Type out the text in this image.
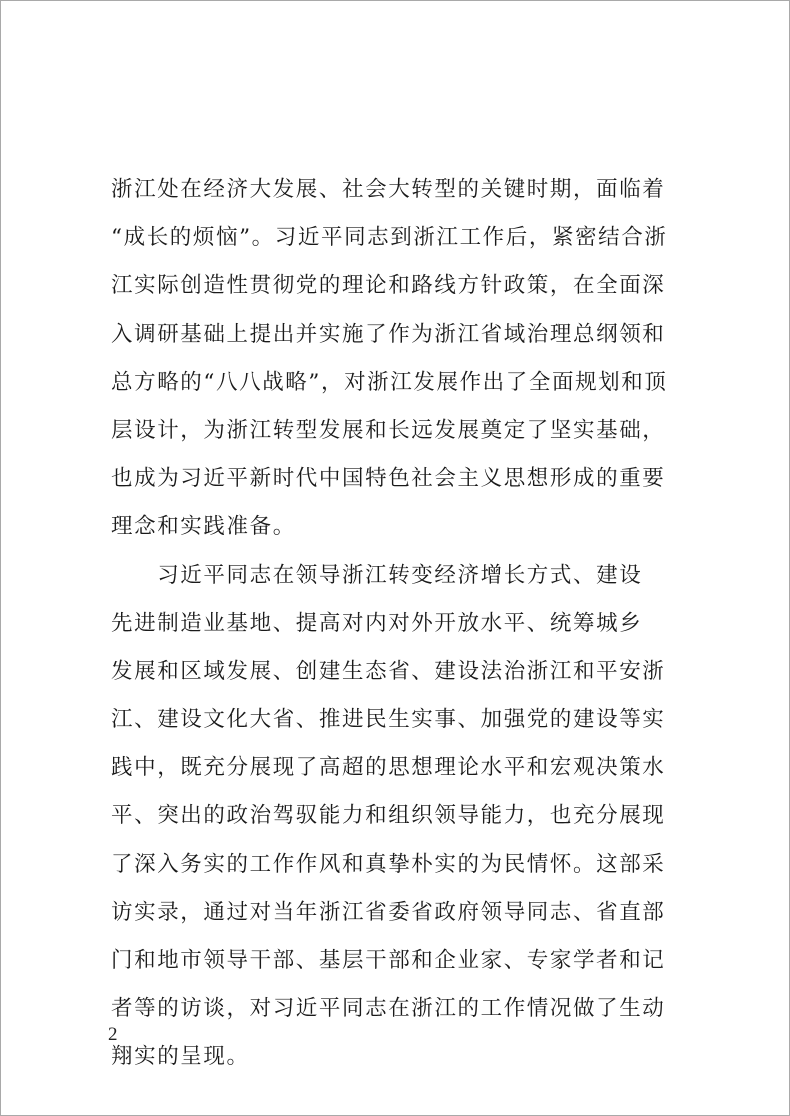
浙江处在经济大发展、社会大转型的关键时期，面临着
“成长的烦恼”。习近平同志到浙江工作后，紧密结合浙
江实际创造性贯彻党的理论和路线方针政策，在全面深
入调研基础上提出并实施了作为浙江省域治理总纲领和
总方略的“八八战略”，对浙江发展作出了全面规划和顶
层设计，为浙江转型发展和长远发展奠定了坚实基础，
也成为习近平新时代中国特色社会主义思想形成的重要
理念和实践准备。
　　习近平同志在领导浙江转变经济增长方式、建设
先进制造业基地、提高对内对外开放水平、统筹城乡
发展和区域发展、创建生态省、建设法治浙江和平安浙
江、建设文化大省、推进民生实事、加强党的建设等实
践中，既充分展现了高超的思想理论水平和宏观决策水
平、突出的政治驾驭能力和组织领导能力，也充分展现
了深入务实的工作作风和真挚朴实的为民情怀。这部采
访实录，通过对当年浙江省委省政府领导同志、省直部
门和地市领导干部、基层干部和企业家、专家学者和记
者等的访谈，对习近平同志在浙江的工作情况做了生动
翔实的呈现。
2
